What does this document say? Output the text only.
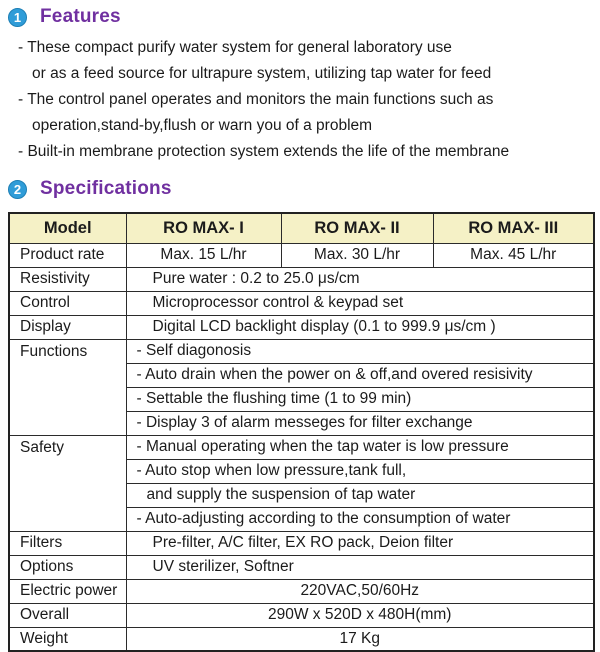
1 Features
- These compact purify water system for general laboratory use
or as a feed source for ultrapure system, utilizing tap water for feed
- The control panel operates and monitors the main functions such as
operation,stand-by,flush or warn you of a problem
- Built-in membrane protection system extends the life of the membrane
2 Specifications
Model	RO MAX- I	RO MAX- II	RO MAX- III
Product rate	Max. 15 L/hr	Max. 30 L/hr	Max. 45 L/hr
Resistivity	Pure water : 0.2 to 25.0 μs/cm		
Control	Microprocessor control & keypad set		
Display	Digital LCD backlight display (0.1 to 999.9 μs/cm )		
Functions	- Self diagonosis		
	- Auto drain when the power on & off,and overed resisivity		
	- Settable the flushing time (1 to 99 min)		
	- Display 3 of alarm messeges for filter exchange		
Safety	- Manual operating when the tap water is low pressure		
	- Auto stop when low pressure,tank full,		
	and supply the suspension of tap water		
	- Auto-adjusting according to the consumption of water		
Filters	Pre-filter, A/C filter, EX RO pack, Deion filter		
Options	UV sterilizer, Softner		
Electric power	220VAC,50/60Hz		
Overall	290W x 520D x 480H(mm)		
Weight	17 Kg		
